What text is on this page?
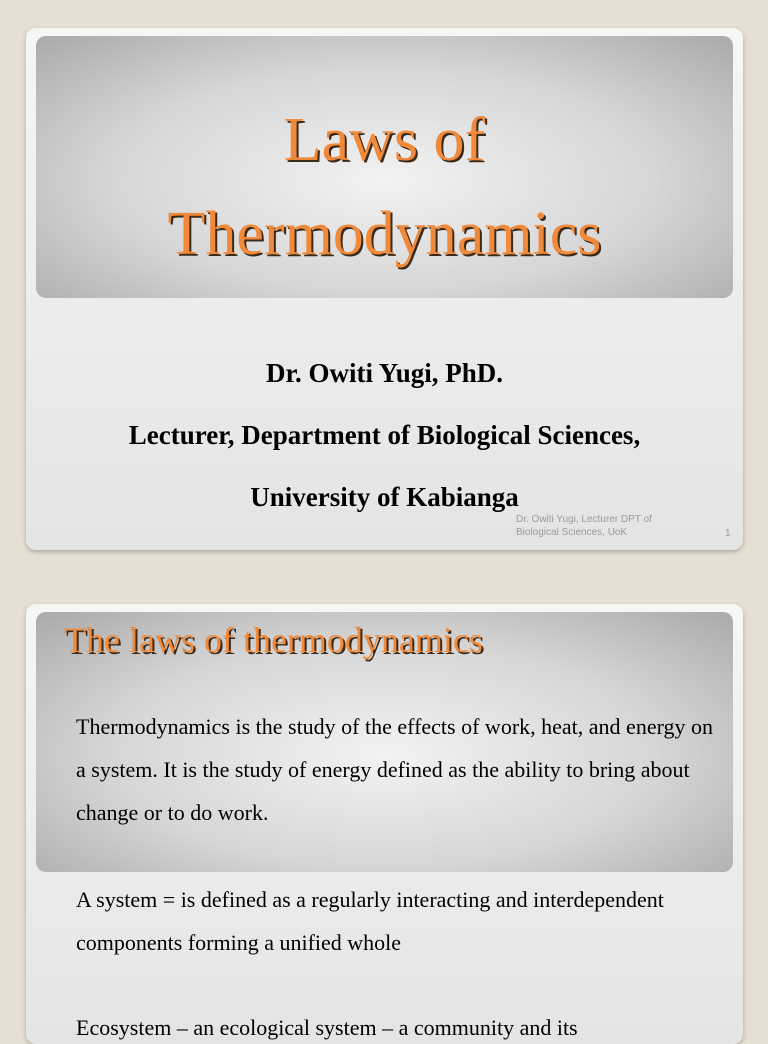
Laws of
Thermodynamics
Dr. Owiti Yugi, PhD.
Lecturer, Department of Biological Sciences,
University of Kabianga
Dr. Owiti Yugi, Lecturer DPT of
Biological Sciences, UoK	1
The laws of thermodynamics

Thermodynamics is the study of the effects of work, heat, and energy on a system. It is the study of energy defined as the ability to bring about change or to do work.

A system = is defined as a regularly interacting and interdependent components forming a unified whole

Ecosystem – an ecological system – a community and its
